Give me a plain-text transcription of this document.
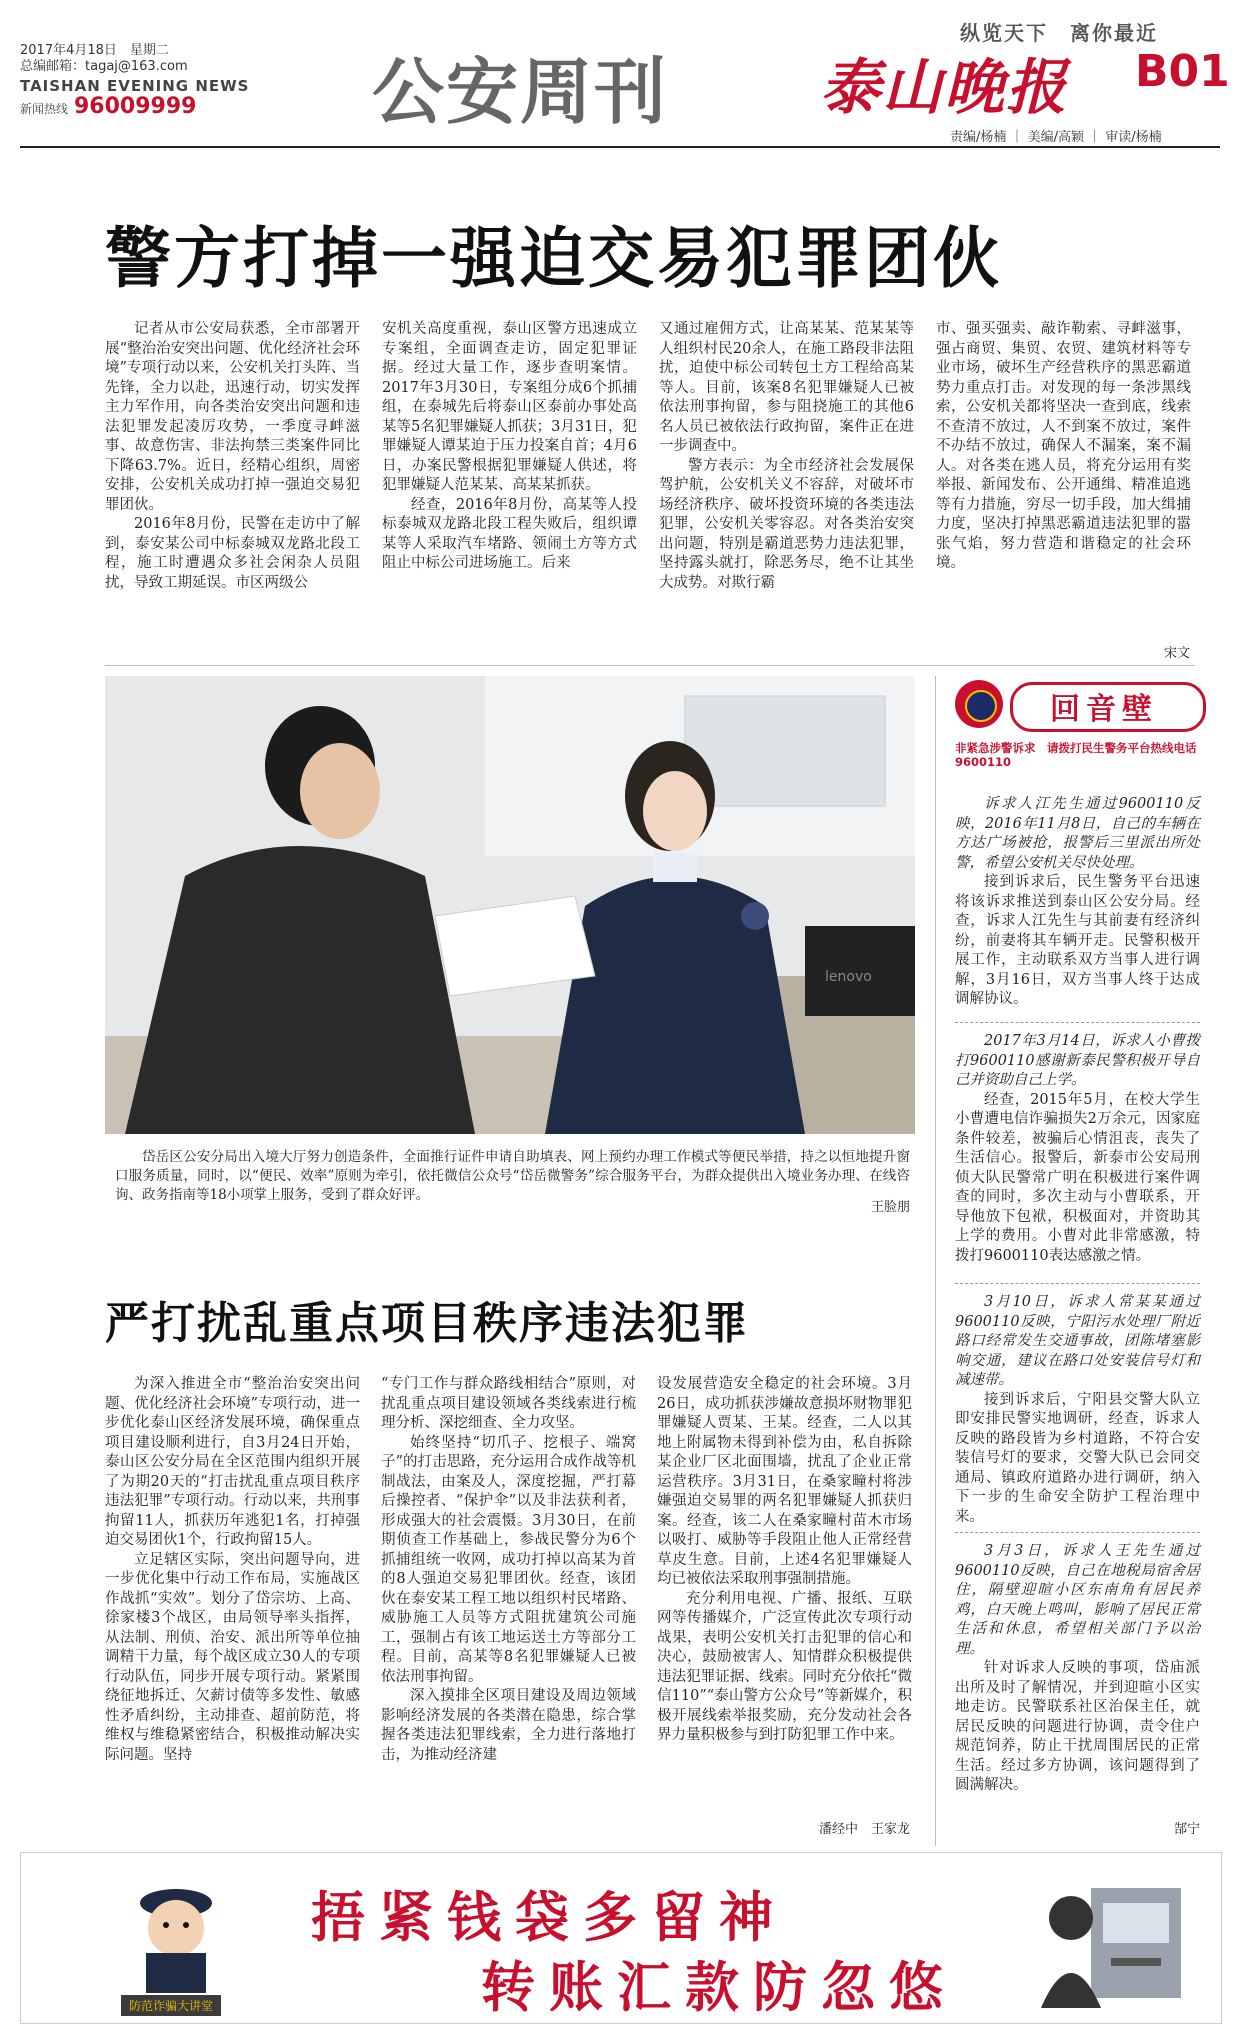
2017年4月18日　星期二
总编邮箱：tagaj@163.com
TAISHAN EVENING NEWS
新闻热线 96009999 公安周刊	泰山晚报	B01
纵览天下　离你最近
责编/杨楠 ｜ 美编/高颖 ｜ 审读/杨楠
警方打掉一强迫交易犯罪团伙

记者从市公安局获悉，全市部署开展“整治治安突出问题、优化经济社会环境”专项行动以来，公安机关打头阵、当先锋，全力以赴，迅速行动，切实发挥主力军作用，向各类治安突出问题和违法犯罪发起凌厉攻势，一季度寻衅滋事、故意伤害、非法拘禁三类案件同比下降63.7%。近日，经精心组织，周密安排，公安机关成功打掉一强迫交易犯罪团伙。

2016年8月份，民警在走访中了解到，泰安某公司中标泰城双龙路北段工程，施工时遭遇众多社会闲杂人员阻扰，导致工期延误。市区两级公

安机关高度重视，泰山区警方迅速成立专案组，全面调查走访，固定犯罪证据。经过大量工作，逐步查明案情。2017年3月30日，专案组分成6个抓捕组，在泰城先后将泰山区泰前办事处高某等5名犯罪嫌疑人抓获；3月31日，犯罪嫌疑人谭某迫于压力投案自首；4月6日，办案民警根据犯罪嫌疑人供述，将犯罪嫌疑人范某某、高某某抓获。

经查，2016年8月份，高某等人投标泰城双龙路北段工程失败后，组织谭某等人采取汽车堵路、领闹土方等方式阻止中标公司进场施工。后来

又通过雇佣方式，让高某某、范某某等人组织村民20余人，在施工路段非法阻扰，迫使中标公司转包土方工程给高某等人。目前，该案8名犯罪嫌疑人已被依法刑事拘留，参与阻挠施工的其他6名人员已被依法行政拘留，案件正在进一步调查中。

警方表示：为全市经济社会发展保驾护航，公安机关义不容辞，对破坏市场经济秩序、破坏投资环境的各类违法犯罪，公安机关零容忍。对各类治安突出问题，特别是霸道恶势力违法犯罪，坚持露头就打，除恶务尽，绝不让其坐大成势。对欺行霸

市、强买强卖、敲诈勒索、寻衅滋事，强占商贸、集贸、农贸、建筑材料等专业市场，破坏生产经营秩序的黑恶霸道势力重点打击。对发现的每一条涉黑线索，公安机关都将坚决一查到底，线索不查清不放过，人不到案不放过，案件不办结不放过，确保人不漏案，案不漏人。对各类在逃人员，将充分运用有奖举报、新闻发布、公开通缉、精准追逃等有力措施，穷尽一切手段，加大缉捕力度，坚决打掉黑恶霸道违法犯罪的嚣张气焰，努力营造和谐稳定的社会环境。

宋文
lenovo
岱岳区公安分局出入境大厅努力创造条件，全面推行证件申请自助填表、网上预约办理工作模式等便民举措，持之以恒地提升窗口服务质量，同时，以“便民、效率”原则为牵引，依托微信公众号“岱岳微警务”综合服务平台，为群众提供出入境业务办理、在线咨询、政务指南等18小项掌上服务，受到了群众好评。
王脸朋
回音壁
非紧急涉警诉求　请拨打民生警务平台热线电话 9600110

诉求人江先生通过9600110反映，2016年11月8日，自己的车辆在方达广场被抢，报警后三里派出所处警，希望公安机关尽快处理。

接到诉求后，民生警务平台迅速将该诉求推送到泰山区公安分局。经查，诉求人江先生与其前妻有经济纠纷，前妻将其车辆开走。民警积极开展工作，主动联系双方当事人进行调解，3月16日，双方当事人终于达成调解协议。

2017年3月14日，诉求人小曹拨打9600110感谢新泰民警积极开导自己并资助自己上学。

经查，2015年5月，在校大学生小曹遭电信诈骗损失2万余元，因家庭条件较差，被骗后心情沮丧，丧失了生活信心。报警后，新泰市公安局刑侦大队民警常广明在积极进行案件调查的同时，多次主动与小曹联系，开导他放下包袱，积极面对，并资助其上学的费用。小曹对此非常感激，特拨打9600110表达感激之情。

3月10日，诉求人常某某通过9600110反映，宁阳污水处理厂附近路口经常发生交通事故，团陈堵塞影响交通，建议在路口处安装信号灯和减速带。

接到诉求后，宁阳县交警大队立即安排民警实地调研，经查，诉求人反映的路段皆为乡村道路，不符合安装信号灯的要求，交警大队已会同交通局、镇政府道路办进行调研，纳入下一步的生命安全防护工程治理中来。

3月3日，诉求人王先生通过9600110反映，自己在地税局宿舍居住，隔壁迎暄小区东南角有居民养鸡，白天晚上鸣叫，影响了居民正常生活和休息，希望相关部门予以治理。

针对诉求人反映的事项，岱庙派出所及时了解情况，并到迎暄小区实地走访。民警联系社区治保主任，就居民反映的问题进行协调，责令住户规范饲养，防止干扰周围居民的正常生活。经过多方协调，该问题得到了圆满解决。

郜宁
严打扰乱重点项目秩序违法犯罪

为深入推进全市“整治治安突出问题、优化经济社会环境”专项行动，进一步优化泰山区经济发展环境，确保重点项目建设顺利进行，自3月24日开始，泰山区公安分局在全区范围内组织开展了为期20天的“打击扰乱重点项目秩序违法犯罪”专项行动。行动以来，共刑事拘留11人，抓获历年逃犯1名，打掉强迫交易团伙1个，行政拘留15人。

立足辖区实际，突出问题导向，进一步优化集中行动工作布局，实施战区作战抓“实效”。划分了岱宗坊、上高、徐家楼3个战区，由局领导率头指挥，从法制、刑侦、治安、派出所等单位抽调精干力量，每个战区成立30人的专项行动队伍，同步开展专项行动。紧紧围绕征地拆迁、欠薪讨债等多发性、敏感性矛盾纠纷，主动排查、超前防范，将维权与维稳紧密结合，积极推动解决实际问题。坚持

“专门工作与群众路线相结合”原则，对扰乱重点项目建设领域各类线索进行梳理分析、深挖细查、全力攻坚。

始终坚持“切爪子、挖根子、端窝子”的打击思路，充分运用合成作战等机制战法，由案及人，深度挖掘，严打幕后操控者、“保护伞”以及非法获利者，形成强大的社会震慑。3月30日，在前期侦查工作基础上，参战民警分为6个抓捕组统一收网，成功打掉以高某为首的8人强迫交易犯罪团伙。经查，该团伙在泰安某工程工地以组织村民堵路、威胁施工人员等方式阻扰建筑公司施工，强制占有该工地运送土方等部分工程。目前，高某等8名犯罪嫌疑人已被依法刑事拘留。

深入摸排全区项目建设及周边领域影响经济发展的各类潜在隐患，综合掌握各类违法犯罪线索，全力进行落地打击，为推动经济建

设发展营造安全稳定的社会环境。3月26日，成功抓获涉嫌故意损坏财物罪犯罪嫌疑人贾某、王某。经查，二人以其地上附属物未得到补偿为由，私自拆除某企业厂区北面围墙，扰乱了企业正常运营秩序。3月31日，在桑家疃村将涉嫌强迫交易罪的两名犯罪嫌疑人抓获归案。经查，该二人在桑家疃村苗木市场以吸打、威胁等手段阻止他人正常经营草皮生意。目前，上述4名犯罪嫌疑人均已被依法采取刑事强制措施。

充分利用电视、广播、报纸、互联网等传播媒介，广泛宣传此次专项行动战果，表明公安机关打击犯罪的信心和决心，鼓励被害人、知情群众积极提供违法犯罪证据、线索。同时充分依托“微信110”“泰山警方公众号”等新媒介，积极开展线索举报奖励，充分发动社会各界力量积极参与到打防犯罪工作中来。

潘经中　王家龙
防范诈骗大讲堂
捂紧钱袋多留神
转账汇款防忽悠
